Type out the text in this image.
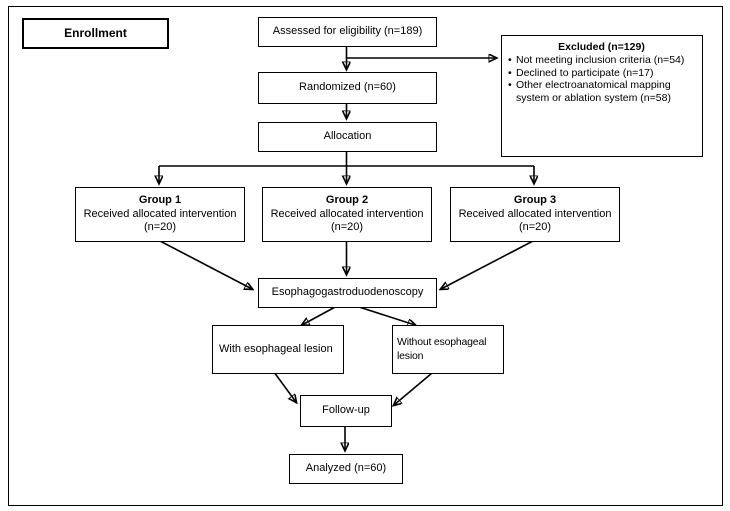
Enrollment	Assessed for eligibility (n=189)
Randomized (n=60)
Excluded (n=129)
• Not meeting inclusion criteria (n=54)
• Declined to participate (n=17)
• Other electroanatomical mapping system or ablation system (n=58)
Allocation
Group 1
Received allocated intervention
(n=20)
Group 2
Received allocated intervention
(n=20)
Group 3
Received allocated intervention
(n=20)
Esophagogastroduodenoscopy
With esophageal lesion
Without esophageal lesion
Follow-up
Analyzed (n=60)
